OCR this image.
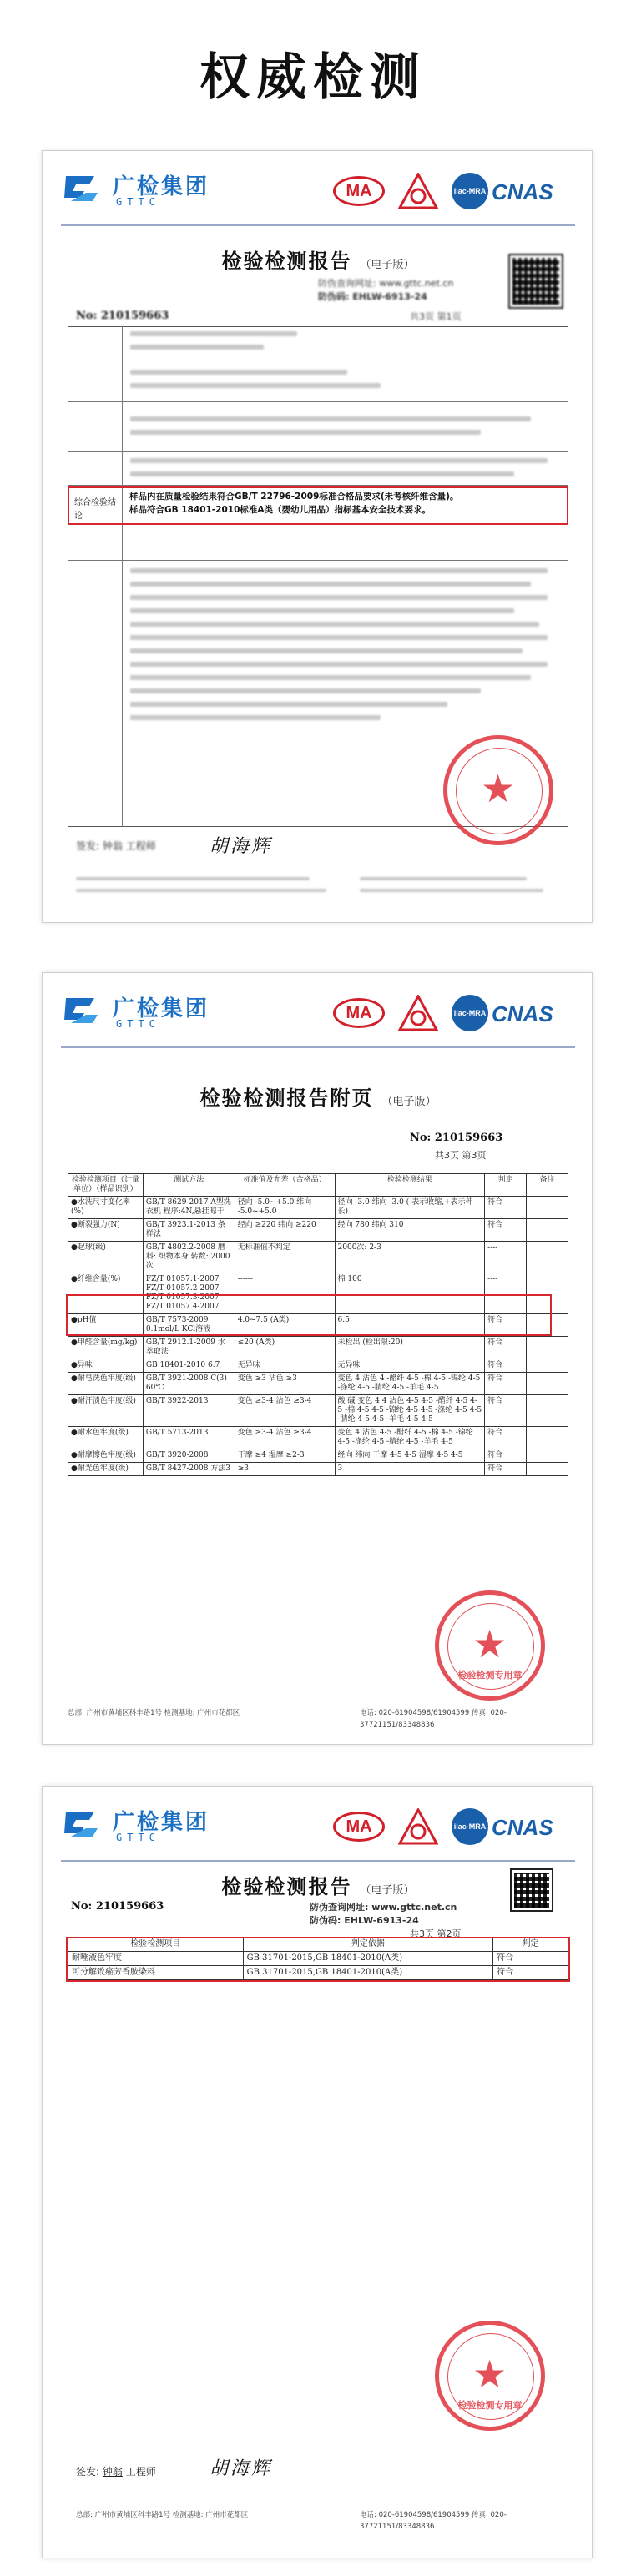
权威检测
广检集团
GTTC
MA	ilac-MRA CNAS
检验检测报告 （电子版）
防伪查询网址: www.gttc.net.cn
防伪码: EHLW-6913-24
No: 210159663	共3页 第1页
综合检验结论
样品内在质量检验结果符合GB/T 22796-2009标准合格品要求(未考核纤维含量)。
样品符合GB 18401-2010标准A类（婴幼儿用品）指标基本安全技术要求。
★
签发: 钟翁 工程师	胡海辉
广检集团
GTTC
MA	ilac-MRA CNAS
检验检测报告附页 （电子版）
No: 210159663
共3页 第3页
检验检测项目（计量单位）（样品识别）	测试方法	标准值及允差（合格品）	检验检测结果	判定	备注
●水洗尺寸变化率(%)	GB/T 8629-2017 A型洗衣机 程序:4N,悬挂晾干	径向 -5.0~+5.0 纬向 -5.0~+5.0	径向 -3.0 纬向 -3.0 (-表示收缩,+表示伸长)	符合	
●断裂强力(N)	GB/T 3923.1-2013 条样法	经向 ≥220 纬向 ≥220	经向 780 纬向 310	符合	
●起球(级)	GB/T 4802.2-2008 磨料: 织物本身 转数: 2000次	无标准值不判定	2000次: 2-3	----	
●纤维含量(%)	FZ/T 01057.1-2007 FZ/T 01057.2-2007 FZ/T 01057.3-2007 FZ/T 01057.4-2007	------	棉 100	----	
●pH值	GB/T 7573-2009 0.1mol/L KCl溶液	4.0~7.5 (A类)	6.5	符合	
●甲醛含量(mg/kg)	GB/T 2912.1-2009 水萃取法	≤20 (A类)	未检出 (检出限:20)	符合	
●异味	GB 18401-2010 6.7	无异味	无异味	符合	
●耐皂洗色牢度(级)	GB/T 3921-2008 C(3) 60℃	变色 ≥3 沾色 ≥3	变色 4 沾色 4 -醋纤 4-5 -棉 4-5 -锦纶 4-5 -涤纶 4-5 -腈纶 4-5 -羊毛 4-5	符合	
●耐汗渍色牢度(级)	GB/T 3922-2013	变色 ≥3-4 沾色 ≥3-4	酸 碱 变色 4 4 沾色 4-5 4-5 -醋纤 4-5 4-5 -棉 4-5 4-5 -锦纶 4-5 4-5 -涤纶 4-5 4-5 -腈纶 4-5 4-5 -羊毛 4-5 4-5	符合	
●耐水色牢度(级)	GB/T 5713-2013	变色 ≥3-4 沾色 ≥3-4	变色 4 沾色 4-5 -醋纤 4-5 -棉 4-5 -锦纶 4-5 -涤纶 4-5 -腈纶 4-5 -羊毛 4-5	符合	
●耐摩擦色牢度(级)	GB/T 3920-2008	干摩 ≥4 湿摩 ≥2-3	经向 纬向 干摩 4-5 4-5 湿摩 4-5 4-5	符合	
●耐光色牢度(级)	GB/T 8427-2008 方法3	≥3	3	符合	
★
检验检测专用章
总部: 广州市黄埔区科丰路1号 检测基地: 广州市花都区	电话: 020-61904598/61904599 传真: 020-37721151/83348836
广检集团
GTTC
MA	ilac-MRA CNAS
检验检测报告 （电子版）
防伪查询网址: www.gttc.net.cn
防伪码: EHLW-6913-24
No: 210159663
共3页 第2页
检验检测项目	判定依据	判定
耐唾液色牢度	GB 31701-2015,GB 18401-2010(A类)	符合
可分解致癌芳香胺染料	GB 31701-2015,GB 18401-2010(A类)	符合
★
检验检测专用章
签发: 钟翁 工程师	胡海辉
总部: 广州市黄埔区科丰路1号 检测基地: 广州市花都区	电话: 020-61904598/61904599 传真: 020-37721151/83348836
